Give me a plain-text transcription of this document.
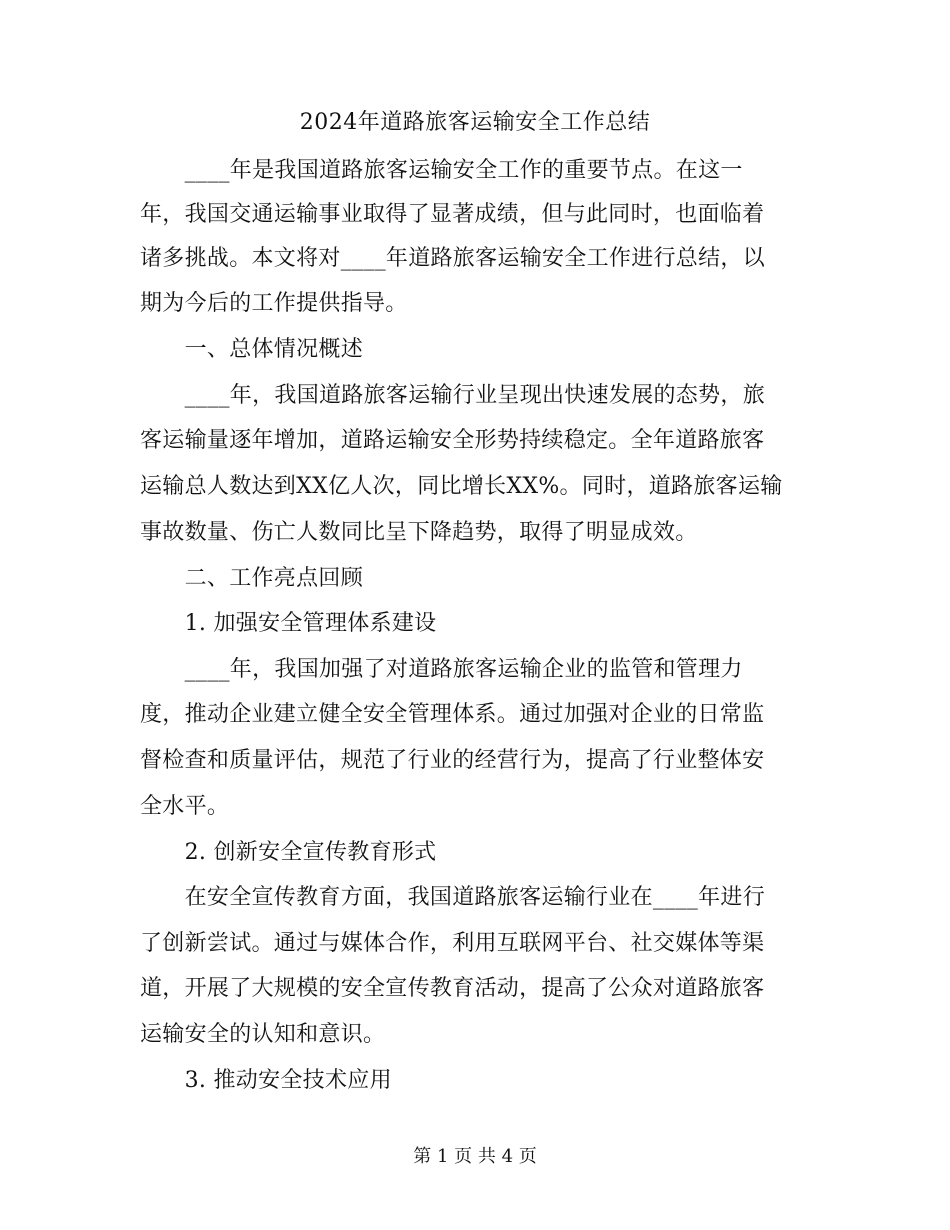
2024年道路旅客运输安全工作总结
　　____年是我国道路旅客运输安全工作的重要节点。在这一
年，我国交通运输事业取得了显著成绩，但与此同时，也面临着
诸多挑战。本文将对____年道路旅客运输安全工作进行总结，以
期为今后的工作提供指导。
　　一、总体情况概述
　　____年，我国道路旅客运输行业呈现出快速发展的态势，旅
客运输量逐年增加，道路运输安全形势持续稳定。全年道路旅客
运输总人数达到XX亿人次，同比增长XX%。同时，道路旅客运输
事故数量、伤亡人数同比呈下降趋势，取得了明显成效。
　　二、工作亮点回顾
　　1. 加强安全管理体系建设
　　____年，我国加强了对道路旅客运输企业的监管和管理力
度，推动企业建立健全安全管理体系。通过加强对企业的日常监
督检查和质量评估，规范了行业的经营行为，提高了行业整体安
全水平。
　　2. 创新安全宣传教育形式
　　在安全宣传教育方面，我国道路旅客运输行业在____年进行
了创新尝试。通过与媒体合作，利用互联网平台、社交媒体等渠
道，开展了大规模的安全宣传教育活动，提高了公众对道路旅客
运输安全的认知和意识。
　　3. 推动安全技术应用
第 1 页 共 4 页
